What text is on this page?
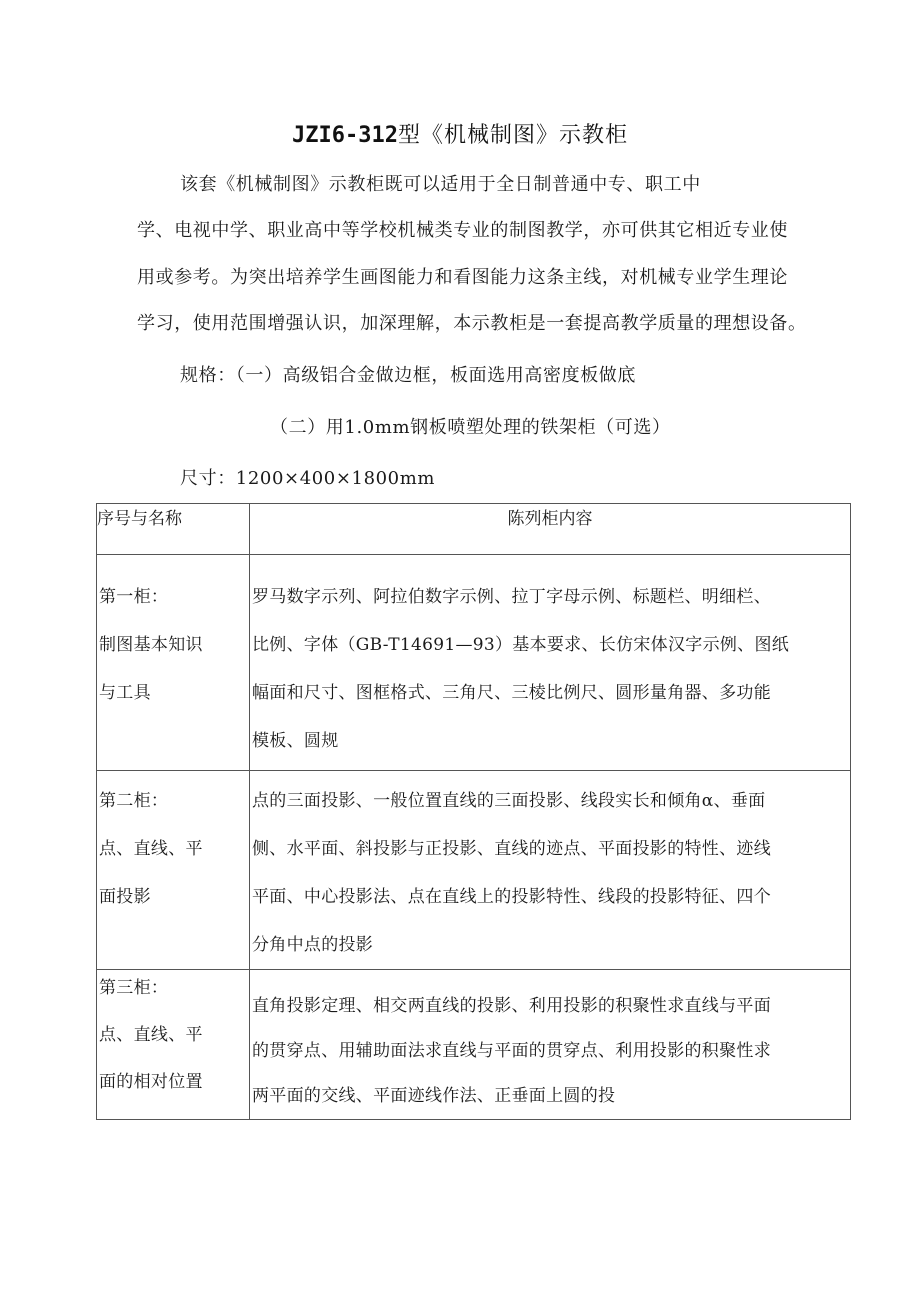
JZI6-312型《机械制图》示教柜
该套《机械制图》示教柜既可以适用于全日制普通中专、职工中
学、电视中学、职业高中等学校机械类专业的制图教学，亦可供其它相近专业使
用或参考。为突出培养学生画图能力和看图能力这条主线，对机械专业学生理论
学习，使用范围增强认识，加深理解，本示教柜是一套提高教学质量的理想设备。
规格：（一）高级铝合金做边框，板面选用高密度板做底
（二）用1.0mm钢板喷塑处理的铁架柜（可选）
尺寸：1200×400×1800mm
序号与名称	陈列柜内容

第一柜：
制图基本知识
与工具	罗马数字示列、阿拉伯数字示例、拉丁字母示例、标题栏、明细栏、
比例、字体（GB-T14691—93）基本要求、长仿宋体汉字示例、图纸
幅面和尺寸、图框格式、三角尺、三棱比例尺、圆形量角器、多功能
模板、圆规

第二柜：
点、直线、平
面投影	点的三面投影、一般位置直线的三面投影、线段实长和倾角α、垂面
侧、水平面、斜投影与正投影、直线的迹点、平面投影的特性、迹线
平面、中心投影法、点在直线上的投影特性、线段的投影特征、四个
分角中点的投影

第三柜：
点、直线、平
面的相对位置	直角投影定理、相交两直线的投影、利用投影的积聚性求直线与平面
的贯穿点、用辅助面法求直线与平面的贯穿点、利用投影的积聚性求
两平面的交线、平面迹线作法、正垂面上圆的投
